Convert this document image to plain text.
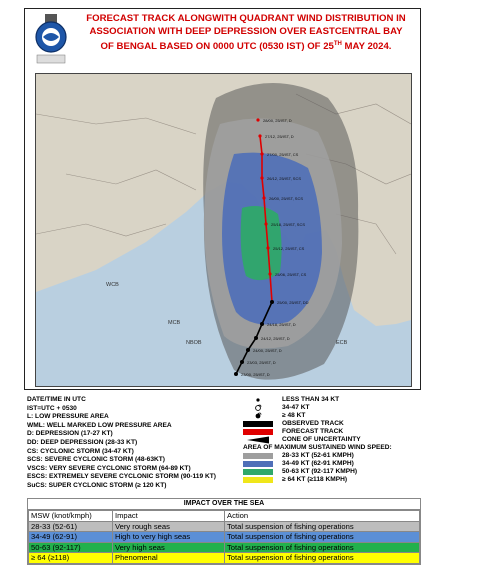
FORECAST TRACK ALONGWITH QUADRANT WIND DISTRIBUTION IN
ASSOCIATION WITH DEEP DEPRESSION OVER EASTCENTRAL BAY
OF BENGAL BASED ON 0000 UTC (0530 IST) OF 25TH MAY 2024.
23/00, 25/IST, D
23/03, 25/IST, D
24/00, 25/IST, D
24/12, 25/IST, D
24/18, 25/IST, D
25/00, 25/IST, DD
25/06, 25/IST, CS
25/12, 25/IST, CS
25/18, 25/IST, SCS
26/00, 25/IST, SCS
26/12, 25/IST, SCS
27/00, 25/IST, CS
27/12, 25/IST, D
28/00, 25/IST, D
WCB
MCB
NBOB	ECB
DATE/TIME IN UTC
IST=UTC + 0530
L: LOW PRESSURE AREA
WML: WELL MARKED LOW PRESSURE AREA
D: DEPRESSION (17-27 KT)
DD: DEEP DEPRESSION (28-33 KT)
CS: CYCLONIC STORM (34-47 KT)
SCS: SEVERE CYCLONIC STORM (48-63KT)
VSCS: VERY SEVERE CYCLONIC STORM (64-89 KT)
ESCS: EXTREMELY SEVERE CYCLONIC STORM (90-119 KT)
SuCS: SUPER CYCLONIC STORM (≥ 120 KT)
LESS THAN 34 KT
34-47 KT
≥ 48 KT
OBSERVED TRACK
FORECAST TRACK
CONE OF UNCERTAINTY
AREA OF MAXIMUM SUSTAINED WIND SPEED:
28-33 KT (52-61 KMPH)
34-49 KT (62-91 KMPH)
50-63 KT (92-117 KMPH)
≥ 64 KT (≥118 KMPH)
IMPACT OVER THE SEA
MSW (knot/kmph)	Impact	Action
28-33 (52-61)	Very rough seas	Total suspension of fishing operations
34-49 (62-91)	High to very high seas	Total suspension of fishing operations
50-63 (92-117)	Very high seas	Total suspension of fishing operations
≥ 64 (≥118)	Phenomenal	Total suspension of fishing operations
